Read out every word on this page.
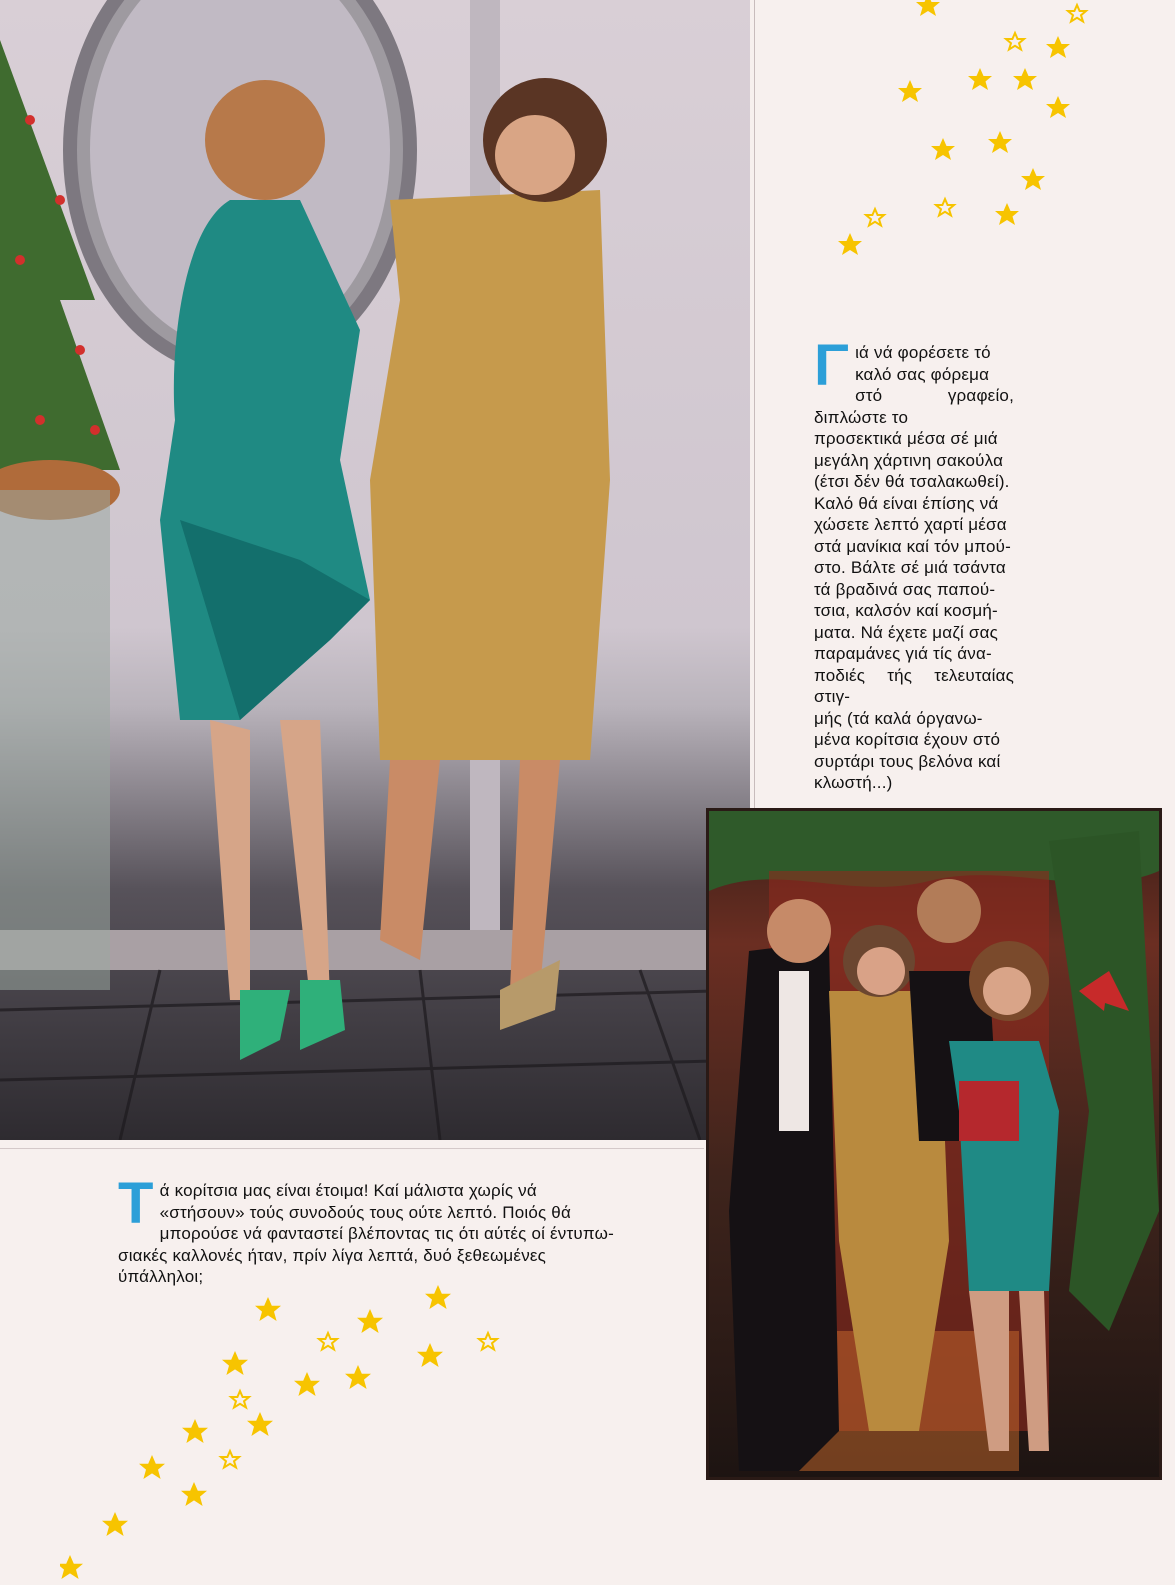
Γ ιά νά φορέσετε τό
καλό σας φόρεμα
στό γραφείο, διπλώστε το
προσεκτικά μέσα σέ μιά
μεγάλη χάρτινη σακούλα
(έτσι δέν θά τσαλακωθεί).
Καλό θά είναι έπίσης νά
χώσετε λεπτό χαρτί μέσα
στά μανίκια καί τόν μπού-
στο. Βάλτε σέ μιά τσάντα
τά βραδινά σας παπού-
τσια, καλσόν καί κοσμή-
ματα. Νά έχετε μαζί σας
παραμάνες γιά τίς άνα-
ποδιές τής τελευταίας στιγ-
μής (τά καλά όργανω-
μένα κορίτσια έχουν στό
συρτάρι τους βελόνα καί
κλωστή...)
Τ ά κορίτσια μας είναι έτοιμα! Καί μάλιστα χωρίς νά
«στήσουν» τούς συνοδούς τους ούτε λεπτό. Ποιός θά
μπορούσε νά φανταστεί βλέποντας τις ότι αύτές οί έντυπω-
σιακές καλλονές ήταν, πρίν λίγα λεπτά, δυό ξεθεωμένες
ύπάλληλοι;
